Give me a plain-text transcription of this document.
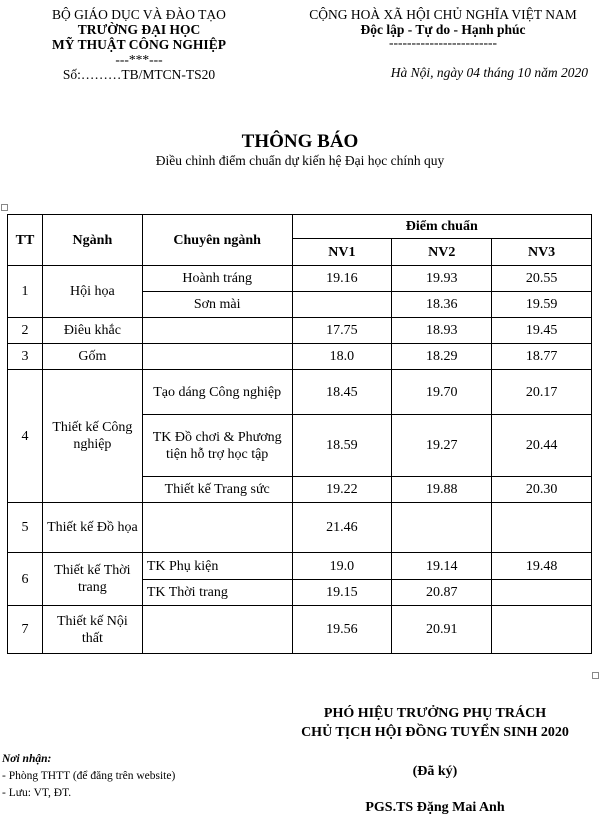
BỘ GIÁO DỤC VÀ ĐÀO TẠO
TRƯỜNG ĐẠI HỌC
MỸ THUẬT CÔNG NGHIỆP
---***---
Số:………TB/MTCN-TS20
CỘNG HOÀ XÃ HỘI CHỦ NGHĨA VIỆT NAM
Độc lập - Tự do - Hạnh phúc
------------------------
Hà Nội, ngày 04 tháng 10 năm 2020
THÔNG BÁO
Điều chỉnh điểm chuẩn dự kiến hệ Đại học chính quy
TT	Ngành	Chuyên ngành	Điểm chuẩn		
			NV1	NV2	NV3
1	Hội họa	Hoành tráng	19.16	19.93	20.55
		Sơn mài		18.36	19.59
2	Điêu khắc		17.75	18.93	19.45
3	Gốm		18.0	18.29	18.77
4	Thiết kế Công nghiệp	Tạo dáng Công nghiệp	18.45	19.70	20.17
		TK Đồ chơi & Phương tiện hỗ trợ học tập	18.59	19.27	20.44
		Thiết kế Trang sức	19.22	19.88	20.30
5	Thiết kế Đồ họa		21.46		
6	Thiết kế Thời trang	TK Phụ kiện	19.0	19.14	19.48
		TK Thời trang	19.15	20.87	
7	Thiết kế Nội thất		19.56	20.91	
PHÓ HIỆU TRƯỞNG PHỤ TRÁCH
CHỦ TỊCH HỘI ĐỒNG TUYỂN SINH 2020
(Đã ký)
PGS.TS Đặng Mai Anh
Nơi nhận:
- Phòng THTT (để đăng trên website)
- Lưu: VT, ĐT.
